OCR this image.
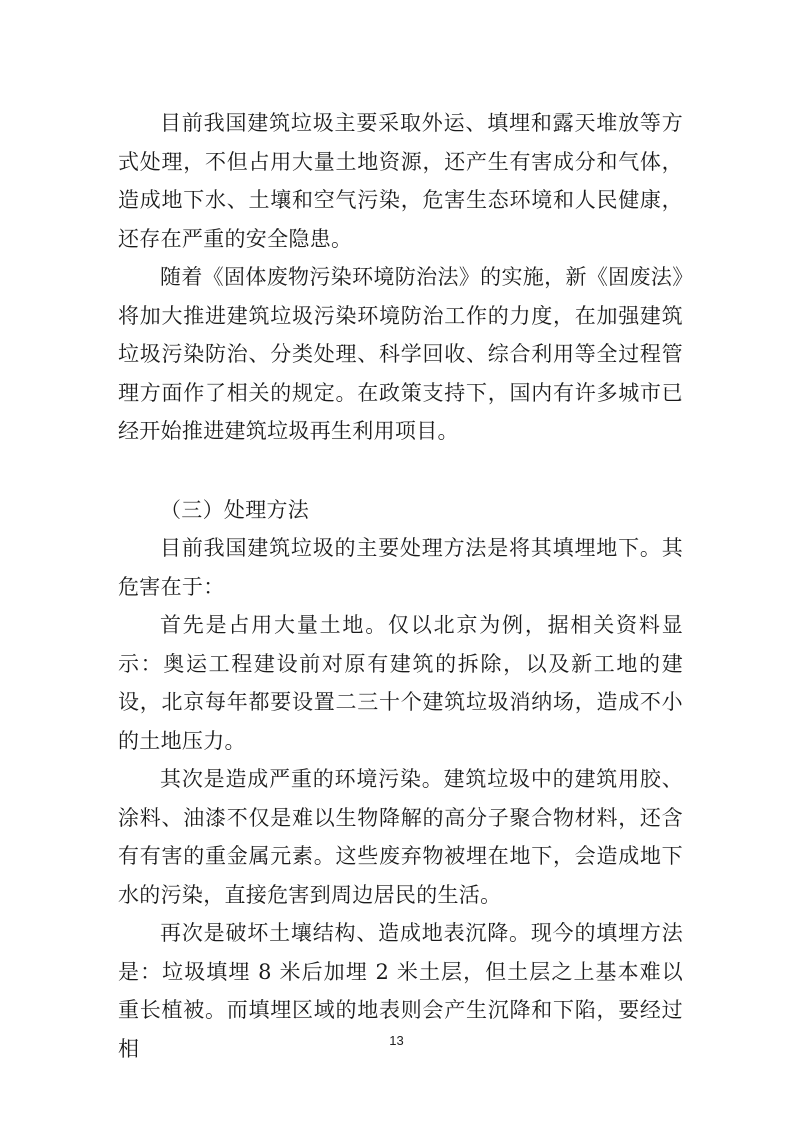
目前我国建筑垃圾主要采取外运、填埋和露天堆放等方式处理，不但占用大量土地资源，还产生有害成分和气体，造成地下水、土壤和空气污染，危害生态环境和人民健康，还存在严重的安全隐患。

随着《固体废物污染环境防治法》的实施，新《固废法》将加大推进建筑垃圾污染环境防治工作的力度，在加强建筑垃圾污染防治、分类处理、科学回收、综合利用等全过程管理方面作了相关的规定。在政策支持下，国内有许多城市已经开始推进建筑垃圾再生利用项目。

（三）处理方法

目前我国建筑垃圾的主要处理方法是将其填埋地下。其危害在于：

首先是占用大量土地。仅以北京为例，据相关资料显示：奥运工程建设前对原有建筑的拆除，以及新工地的建设，北京每年都要设置二三十个建筑垃圾消纳场，造成不小的土地压力。

其次是造成严重的环境污染。建筑垃圾中的建筑用胶、涂料、油漆不仅是难以生物降解的高分子聚合物材料，还含有有害的重金属元素。这些废弃物被埋在地下，会造成地下水的污染，直接危害到周边居民的生活。

再次是破坏土壤结构、造成地表沉降。现今的填埋方法是：垃圾填埋 8 米后加埋 2 米土层，但土层之上基本难以重长植被。而填埋区域的地表则会产生沉降和下陷，要经过相	13
